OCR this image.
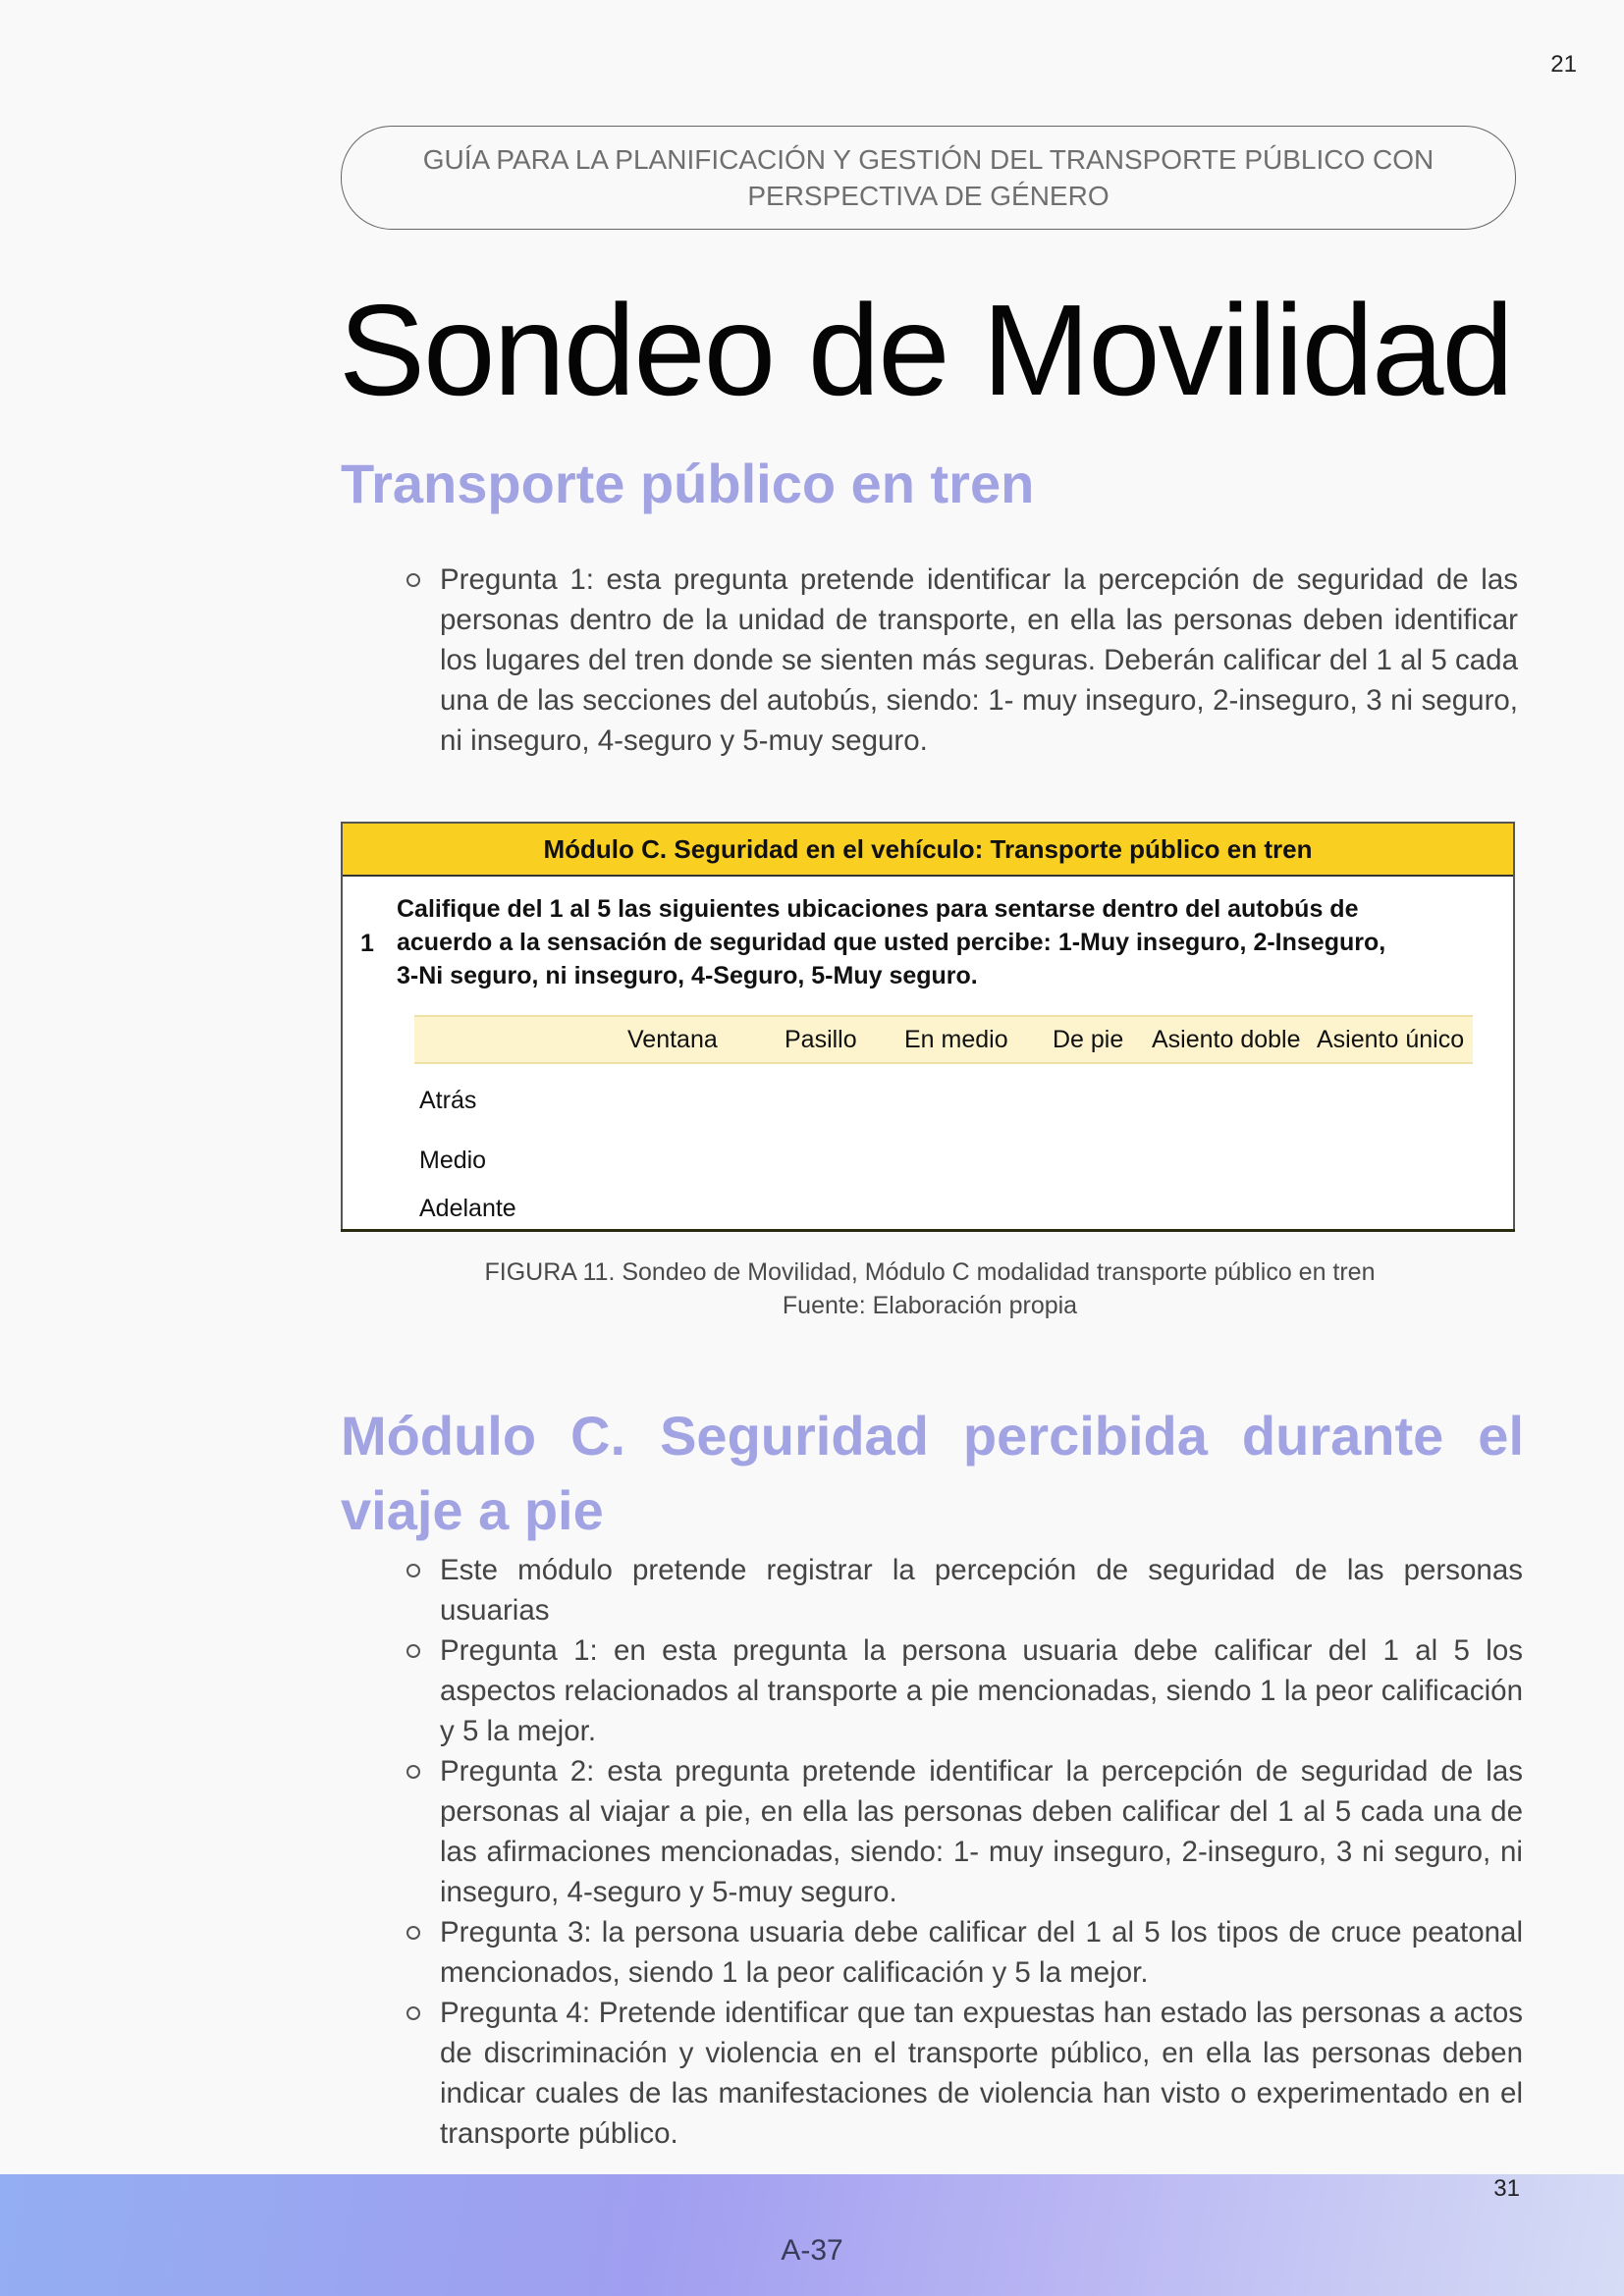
21
GUÍA PARA LA PLANIFICACIÓN Y GESTIÓN DEL TRANSPORTE PÚBLICO CON
PERSPECTIVA DE GÉNERO
Sondeo de Movilidad
Transporte público en tren
Pregunta 1: esta pregunta pretende identificar la percepción de seguridad de las personas dentro de la unidad de transporte, en ella las personas deben identificar los lugares del tren donde se sienten más seguras. Deberán calificar del 1 al 5 cada una de las secciones del autobús, siendo: 1- muy inseguro, 2-inseguro, 3 ni seguro, ni inseguro, 4-seguro y 5-muy seguro.
Módulo C. Seguridad en el vehículo: Transporte público en tren
1
Califique del 1 al 5 las siguientes ubicaciones para sentarse dentro del autobús de
acuerdo a la sensación de seguridad que usted percibe: 1-Muy inseguro, 2-Inseguro,
3-Ni seguro, ni inseguro, 4-Seguro, 5-Muy seguro.
Ventana	Pasillo En medio De pie Asiento doble Asiento único
Atrás
Medio
Adelante
FIGURA 11. Sondeo de Movilidad, Módulo C modalidad transporte público en tren
Fuente: Elaboración propia
Módulo C. Seguridad percibida durante el viaje a pie
Este módulo pretende registrar la percepción de seguridad de las personas usuarias
Pregunta 1: en esta pregunta la persona usuaria debe calificar del 1 al 5 los aspectos relacionados al transporte a pie mencionadas, siendo 1 la peor calificación y 5 la mejor.
Pregunta 2: esta pregunta pretende identificar la percepción de seguridad de las personas al viajar a pie, en ella las personas deben calificar del 1 al 5 cada una de las afirmaciones mencionadas, siendo: 1- muy inseguro, 2-inseguro, 3 ni seguro, ni inseguro, 4-seguro y 5-muy seguro.
Pregunta 3: la persona usuaria debe calificar del 1 al 5 los tipos de cruce peatonal mencionados, siendo 1 la peor calificación y 5 la mejor.
Pregunta 4: Pretende identificar que tan expuestas han estado las personas a actos de discriminación y violencia en el transporte público, en ella las personas deben indicar cuales de las manifestaciones de violencia han visto o experimentado en el transporte público.
31
A-37
